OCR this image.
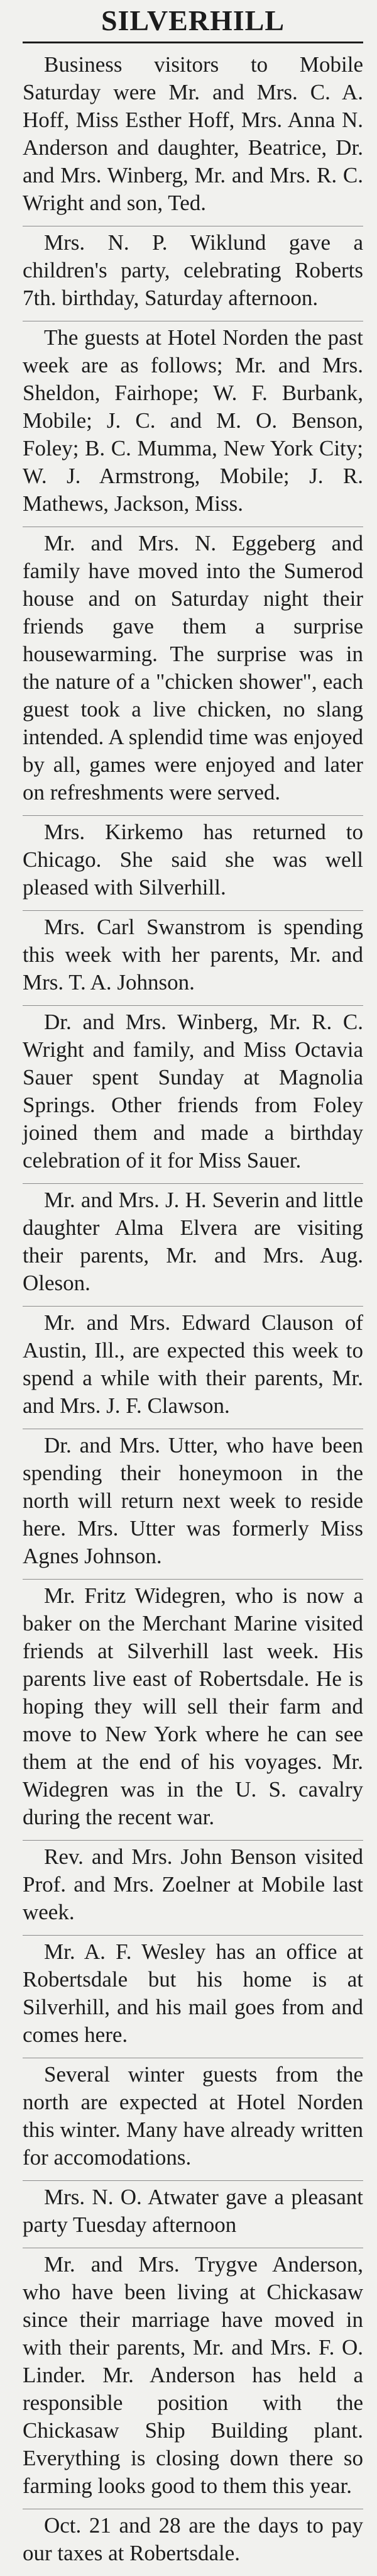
SILVERHILL

Business visitors to Mobile Saturday were Mr. and Mrs. C. A. Hoff, Miss Esther Hoff, Mrs. Anna N. Anderson and daughter, Beatrice, Dr. and Mrs. Winberg, Mr. and Mrs. R. C. Wright and son, Ted.

Mrs. N. P. Wiklund gave a children's party, celebrating Roberts 7th. birthday, Saturday afternoon.

The guests at Hotel Norden the past week are as follows; Mr. and Mrs. Sheldon, Fairhope; W. F. Burbank, Mobile; J. C. and M. O. Benson, Foley; B. C. Mumma, New York City; W. J. Armstrong, Mobile; J. R. Mathews, Jackson, Miss.

Mr. and Mrs. N. Eggeberg and family have moved into the Sumerod house and on Saturday night their friends gave them a surprise housewarming. The surprise was in the nature of a "chicken shower", each guest took a live chicken, no slang intended. A splendid time was enjoyed by all, games were enjoyed and later on refreshments were served.

Mrs. Kirkemo has returned to Chicago. She said she was well pleased with Silverhill.

Mrs. Carl Swanstrom is spending this week with her parents, Mr. and Mrs. T. A. Johnson.

Dr. and Mrs. Winberg, Mr. R. C. Wright and family, and Miss Octavia Sauer spent Sunday at Magnolia Springs. Other friends from Foley joined them and made a birthday celebration of it for Miss Sauer.

Mr. and Mrs. J. H. Severin and little daughter Alma Elvera are visiting their parents, Mr. and Mrs. Aug. Oleson.

Mr. and Mrs. Edward Clauson of Austin, Ill., are expected this week to spend a while with their parents, Mr. and Mrs. J. F. Clawson.

Dr. and Mrs. Utter, who have been spending their honeymoon in the north will return next week to reside here. Mrs. Utter was formerly Miss Agnes Johnson.

Mr. Fritz Widegren, who is now a baker on the Merchant Marine visited friends at Silverhill last week. His parents live east of Robertsdale. He is hoping they will sell their farm and move to New York where he can see them at the end of his voyages. Mr. Widegren was in the U. S. cavalry during the recent war.

Rev. and Mrs. John Benson visited Prof. and Mrs. Zoelner at Mobile last week.

Mr. A. F. Wesley has an office at Robertsdale but his home is at Silverhill, and his mail goes from and comes here.

Several winter guests from the north are expected at Hotel Norden this winter. Many have already written for accomodations.

Mrs. N. O. Atwater gave a pleasant party Tuesday afternoon

Mr. and Mrs. Trygve Anderson, who have been living at Chickasaw since their marriage have moved in with their parents, Mr. and Mrs. F. O. Linder. Mr. Anderson has held a responsible position with the Chickasaw Ship Building plant. Everything is closing down there so farming looks good to them this year.

Oct. 21 and 28 are the days to pay our taxes at Robertsdale.
